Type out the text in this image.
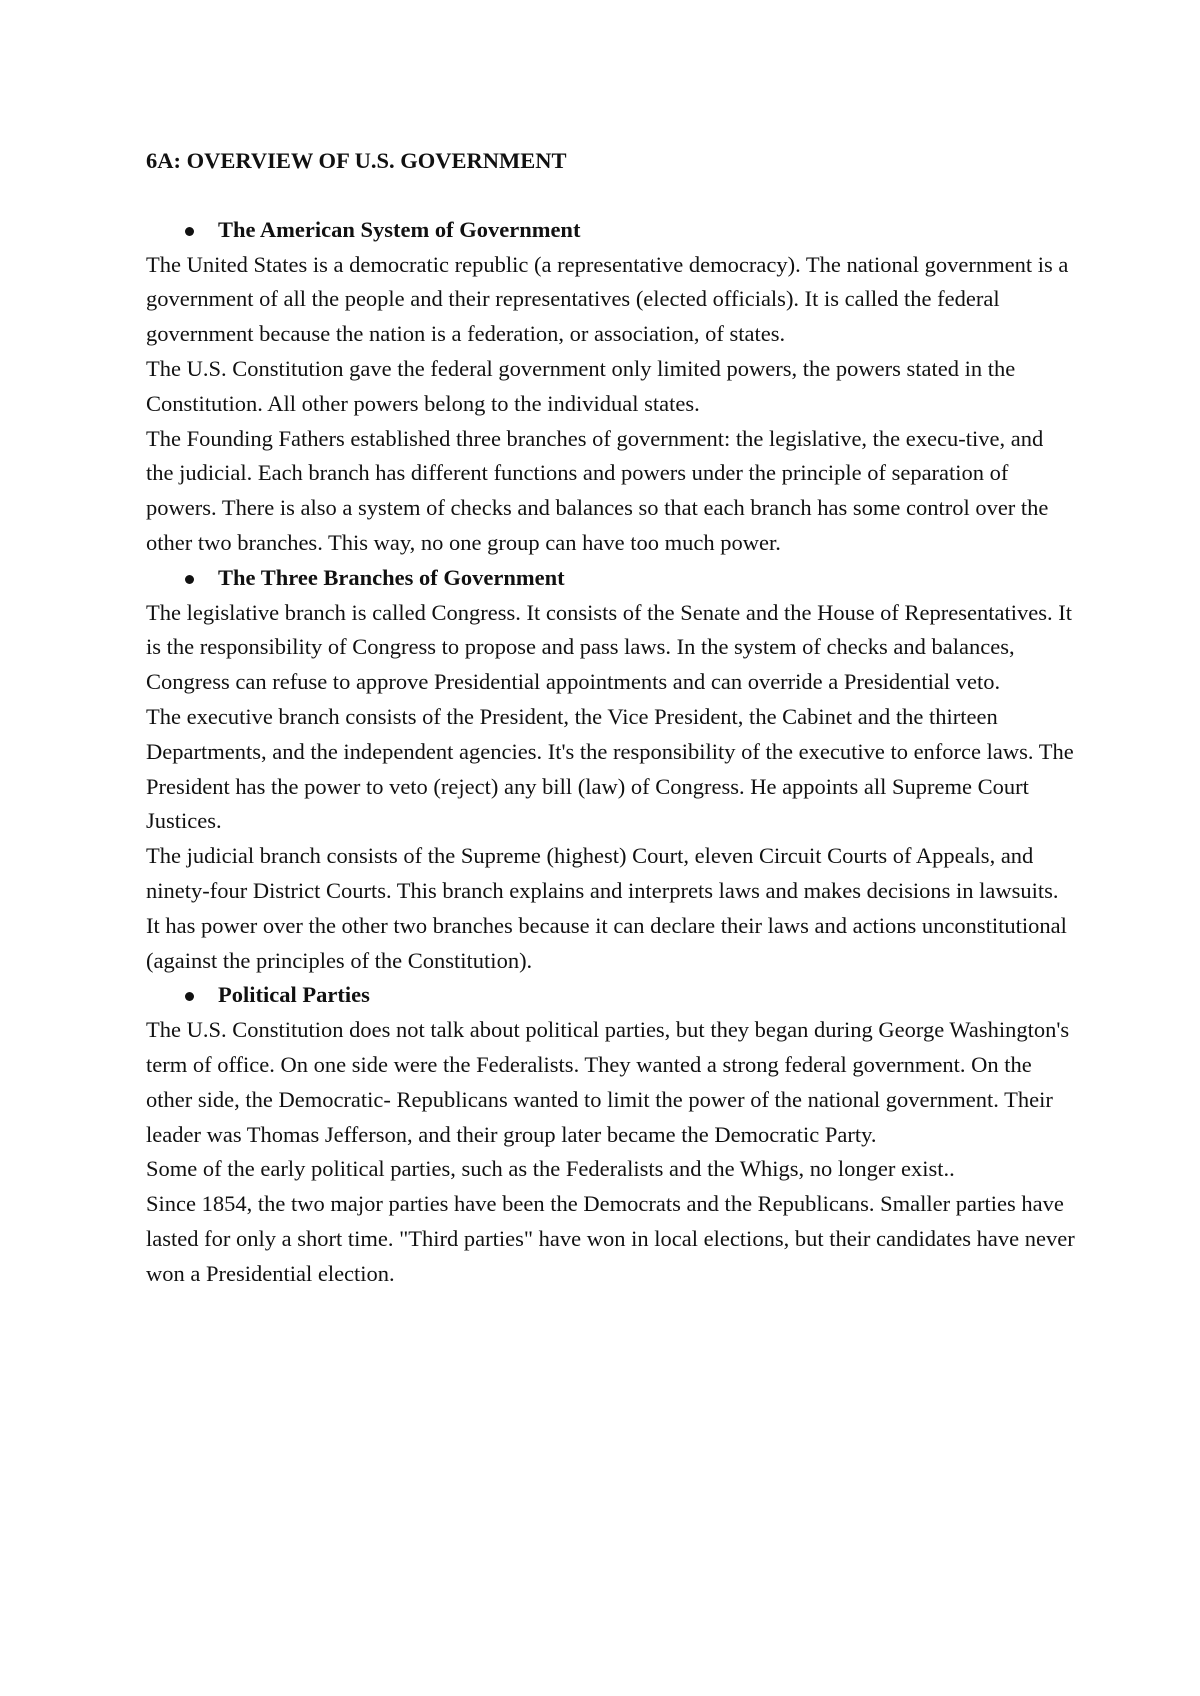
6A: OVERVIEW OF U.S. GOVERNMENT

The American System of Government

The United States is a democratic republic (a representative democracy). The national government is a government of all the people and their representatives (elected officials). It is called the federal government because the nation is a federation, or association, of states.

The U.S. Constitution gave the federal government only limited powers, the powers stated in the Constitution. All other powers belong to the individual states.

The Founding Fathers established three branches of government: the legislative, the execu-tive, and the judicial. Each branch has different functions and powers under the principle of separation of powers. There is also a system of checks and balances so that each branch has some control over the other two branches. This way, no one group can have too much power.

The Three Branches of Government

The legislative branch is called Congress. It consists of the Senate and the House of Representatives. It is the responsibility of Congress to propose and pass laws. In the system of checks and balances, Congress can refuse to approve Presidential appointments and can override a Presidential veto.

The executive branch consists of the President, the Vice President, the Cabinet and the thirteen Departments, and the independent agencies. It's the responsibility of the executive to enforce laws. The President has the power to veto (reject) any bill (law) of Congress. He appoints all Supreme Court Justices.

The judicial branch consists of the Supreme (highest) Court, eleven Circuit Courts of Appeals, and ninety-four District Courts. This branch explains and interprets laws and makes decisions in lawsuits. It has power over the other two branches because it can declare their laws and actions unconstitutional (against the principles of the Constitution).

Political Parties

The U.S. Constitution does not talk about political parties, but they began during George Washington's term of office. On one side were the Federalists. They wanted a strong federal government. On the other side, the Democratic- Republicans wanted to limit the power of the national government. Their leader was Thomas Jefferson, and their group later became the Democratic Party.

Some of the early political parties, such as the Federalists and the Whigs, no longer exist..

Since 1854, the two major parties have been the Democrats and the Republicans. Smaller parties have lasted for only a short time. "Third parties" have won in local elections, but their candidates have never won a Presidential election.
